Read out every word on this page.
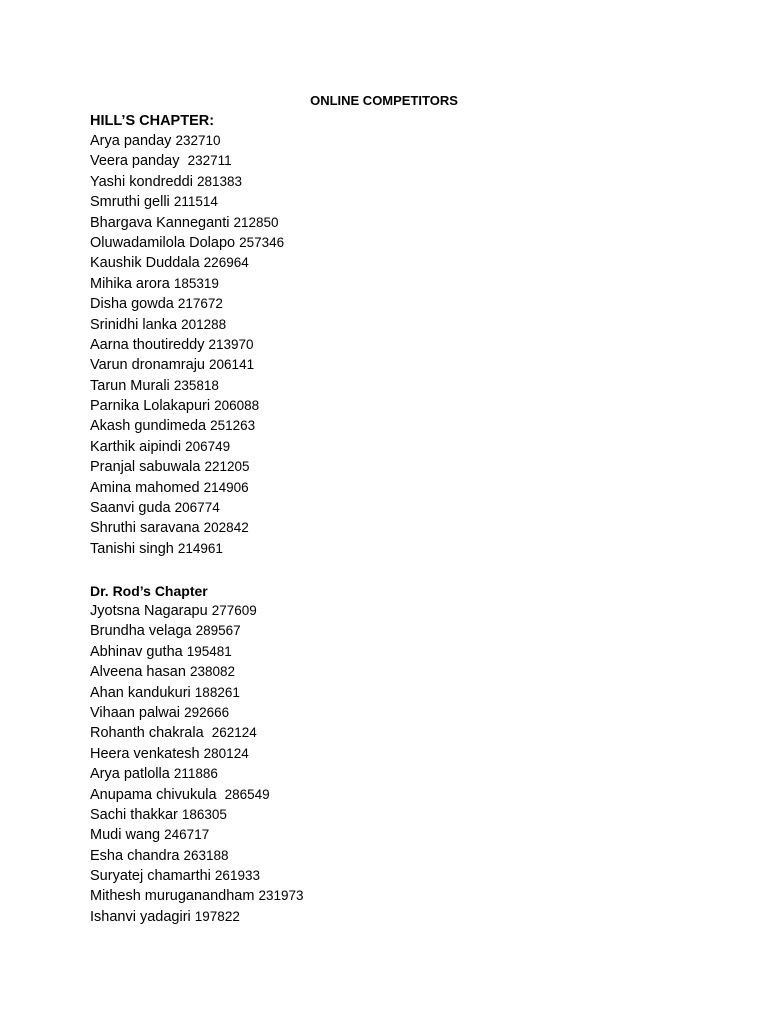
ONLINE COMPETITORS
HILL’S CHAPTER:
Arya panday 232710
Veera panday  232711
Yashi kondreddi 281383
Smruthi gelli 211514
Bhargava Kanneganti 212850
Oluwadamilola Dolapo 257346
Kaushik Duddala 226964
Mihika arora 185319
Disha gowda 217672
Srinidhi lanka 201288
Aarna thoutireddy 213970
Varun dronamraju 206141
Tarun Murali 235818
Parnika Lolakapuri 206088
Akash gundimeda 251263
Karthik aipindi 206749
Pranjal sabuwala 221205
Amina mahomed 214906
Saanvi guda 206774
Shruthi saravana 202842
Tanishi singh 214961
Dr. Rod’s Chapter
Jyotsna Nagarapu 277609
Brundha velaga 289567
Abhinav gutha 195481
Alveena hasan 238082
Ahan kandukuri 188261
Vihaan palwai 292666
Rohanth chakrala  262124
Heera venkatesh 280124
Arya patlolla 211886
Anupama chivukula  286549
Sachi thakkar 186305
Mudi wang 246717
Esha chandra 263188
Suryatej chamarthi 261933
Mithesh muruganandham 231973
Ishanvi yadagiri 197822
